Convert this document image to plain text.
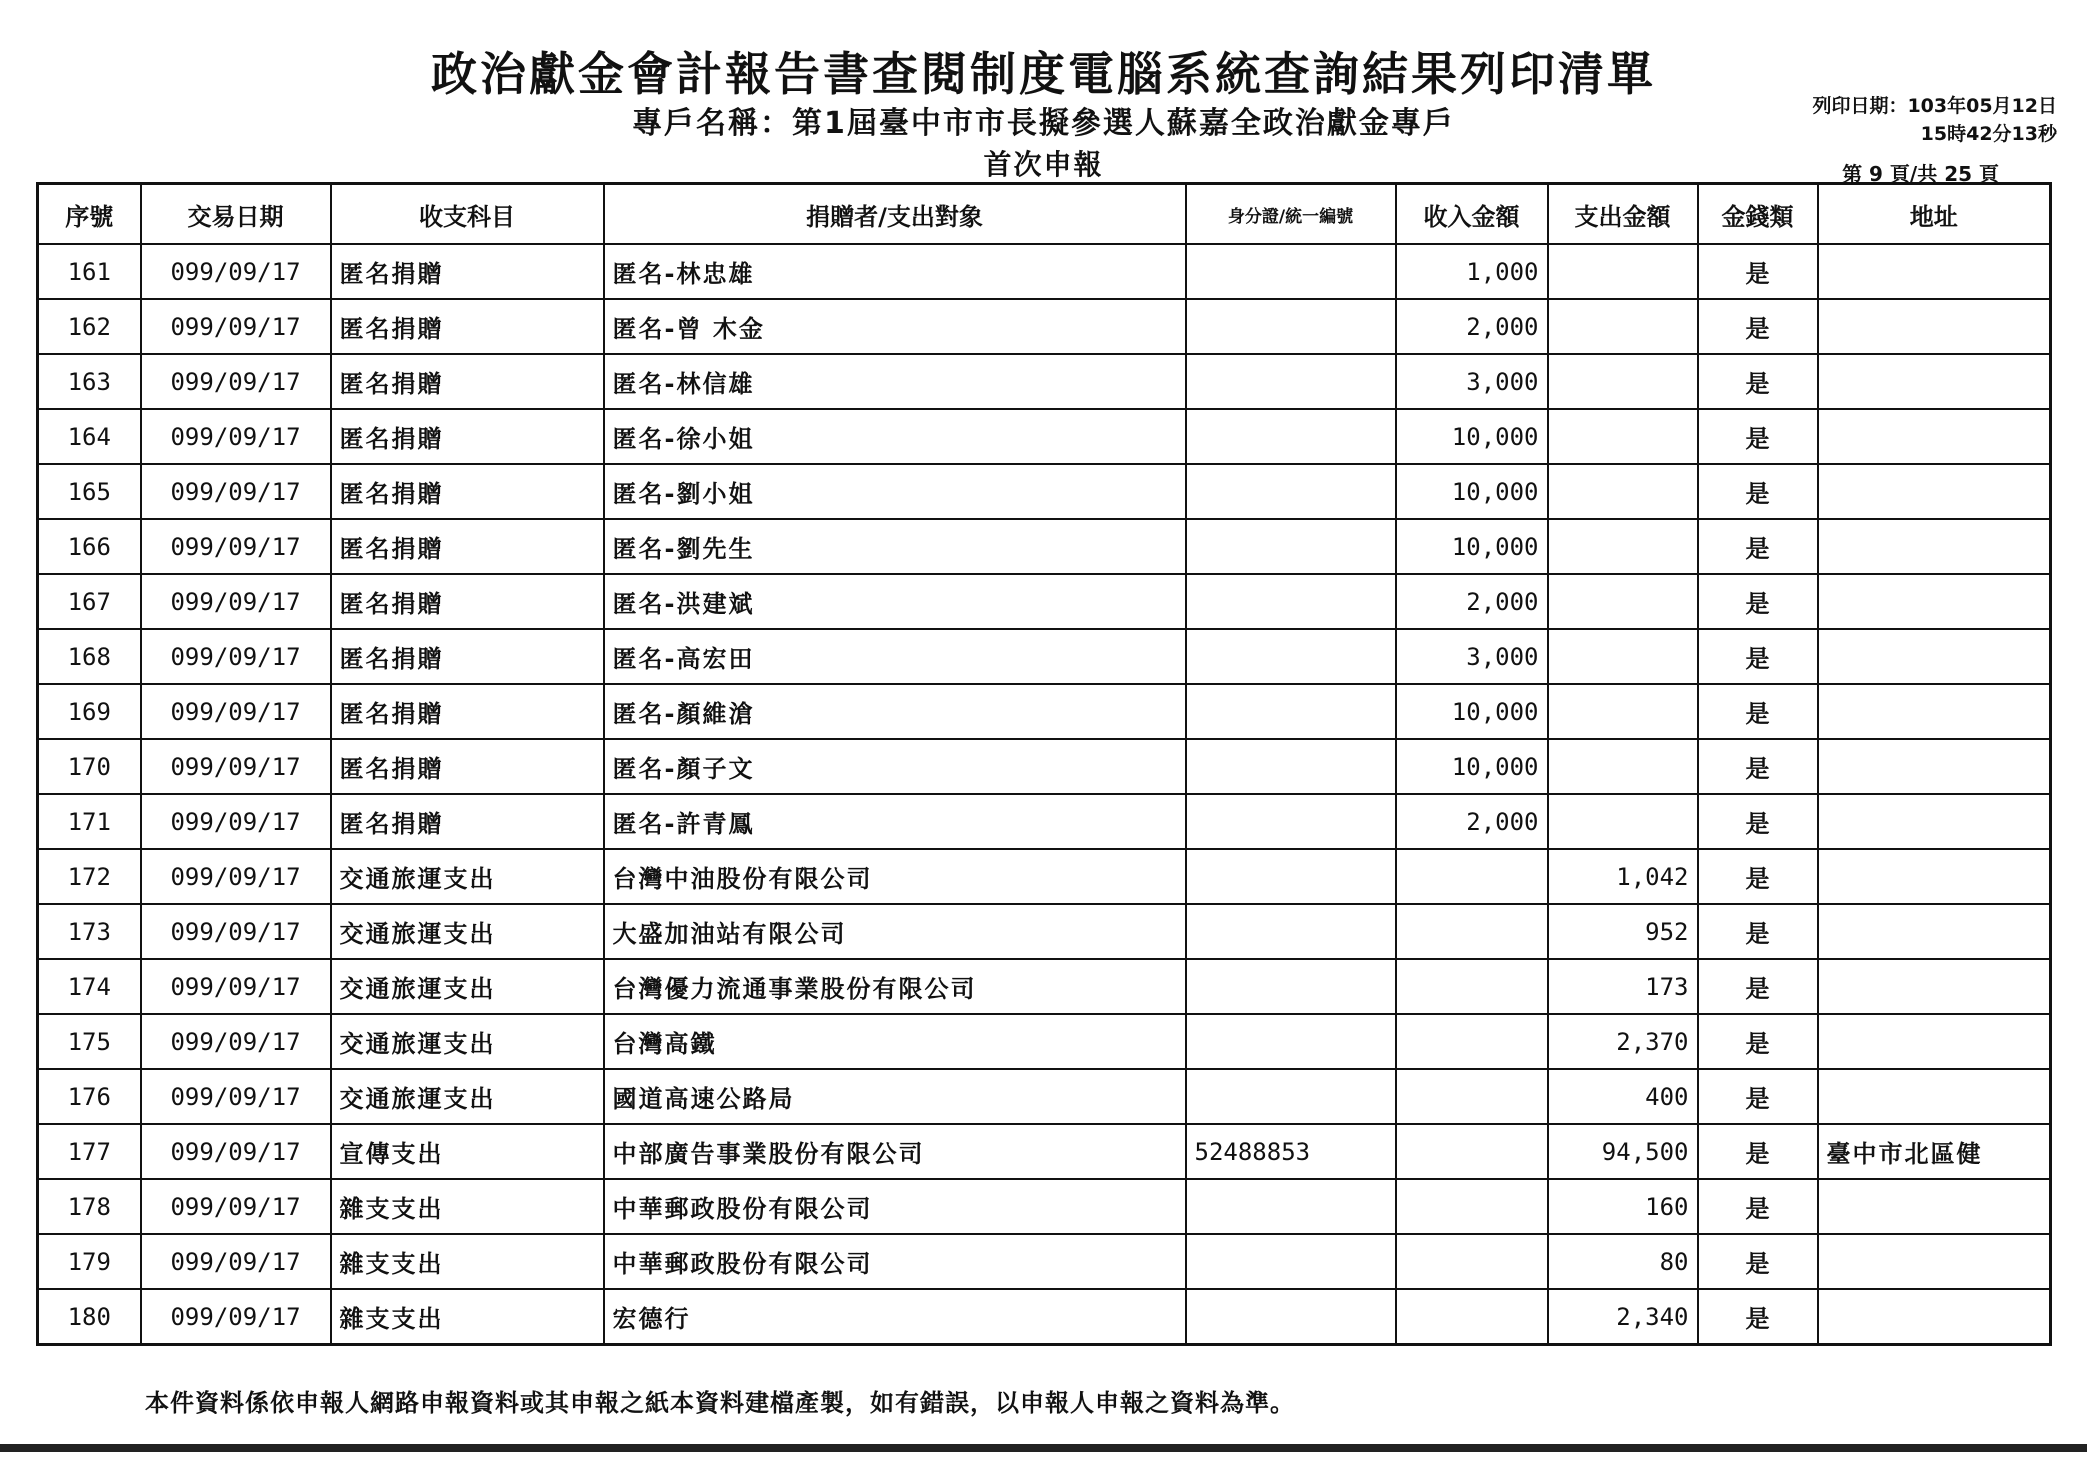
政治獻金會計報告書查閱制度電腦系統查詢結果列印清單
專戶名稱：第1屆臺中市市長擬參選人蘇嘉全政治獻金專戶
首次申報
列印日期：103年05月12日
15時42分13秒
第 9 頁/共 25 頁
序號	交易日期	收支科目	捐贈者/支出對象	身分證/統一編號	收入金額	支出金額	金錢類	地址
161	099/09/17	匿名捐贈	匿名-林忠雄		1,000		是	
162	099/09/17	匿名捐贈	匿名-曾 木金		2,000		是	
163	099/09/17	匿名捐贈	匿名-林信雄		3,000		是	
164	099/09/17	匿名捐贈	匿名-徐小姐		10,000		是	
165	099/09/17	匿名捐贈	匿名-劉小姐		10,000		是	
166	099/09/17	匿名捐贈	匿名-劉先生		10,000		是	
167	099/09/17	匿名捐贈	匿名-洪建斌		2,000		是	
168	099/09/17	匿名捐贈	匿名-高宏田		3,000		是	
169	099/09/17	匿名捐贈	匿名-顏維滄		10,000		是	
170	099/09/17	匿名捐贈	匿名-顏子文		10,000		是	
171	099/09/17	匿名捐贈	匿名-許青鳳		2,000		是	
172	099/09/17	交通旅運支出	台灣中油股份有限公司			1,042	是	
173	099/09/17	交通旅運支出	大盛加油站有限公司			952	是	
174	099/09/17	交通旅運支出	台灣優力流通事業股份有限公司			173	是	
175	099/09/17	交通旅運支出	台灣高鐵			2,370	是	
176	099/09/17	交通旅運支出	國道高速公路局			400	是	
177	099/09/17	宣傳支出	中部廣告事業股份有限公司	52488853		94,500	是	臺中市北區健
178	099/09/17	雜支支出	中華郵政股份有限公司			160	是	
179	099/09/17	雜支支出	中華郵政股份有限公司			80	是	
180	099/09/17	雜支支出	宏德行			2,340	是	
本件資料係依申報人網路申報資料或其申報之紙本資料建檔產製，如有錯誤，以申報人申報之資料為準。
